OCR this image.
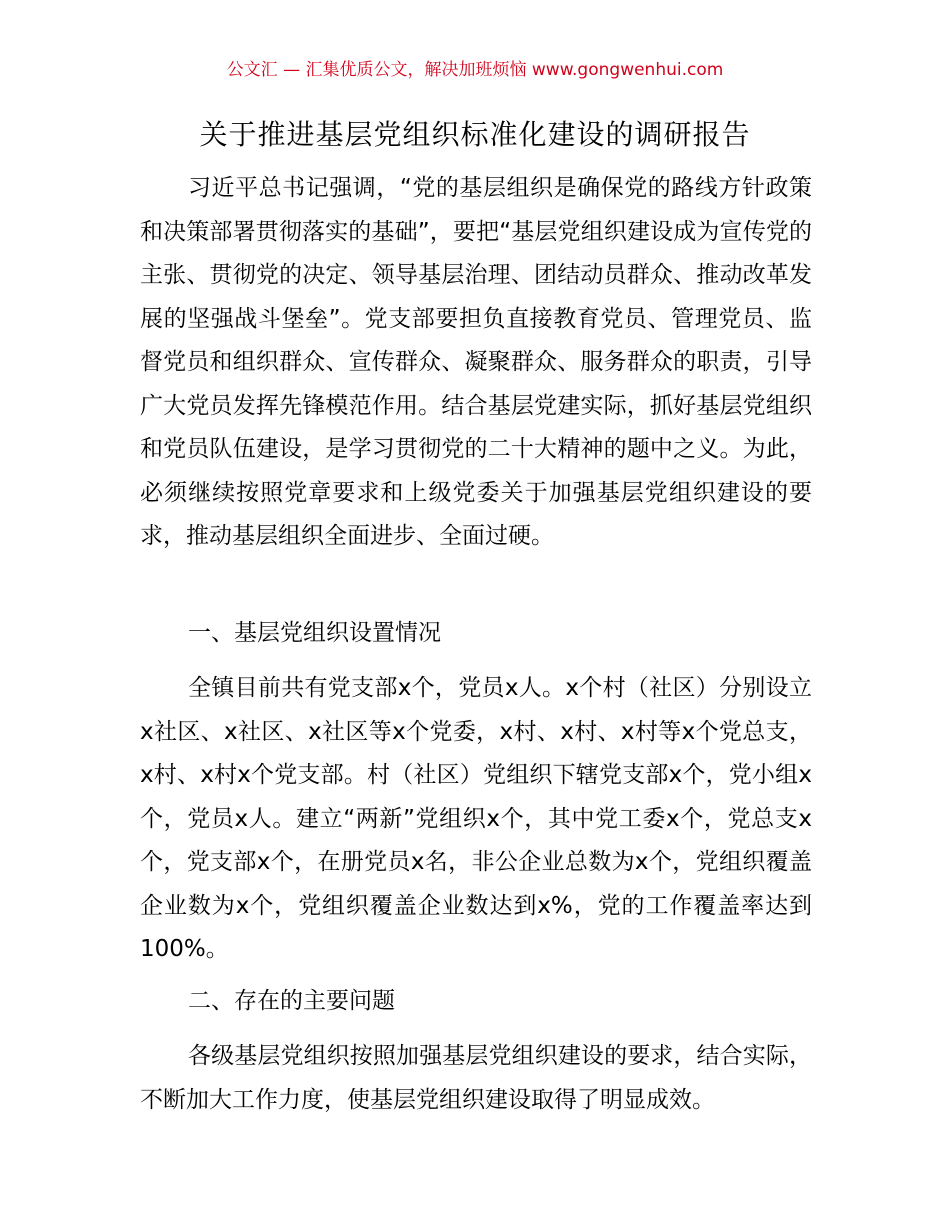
公文汇 — 汇集优质公文，解决加班烦恼 www.gongwenhui.com
关于推进基层党组织标准化建设的调研报告

习近平总书记强调，“党的基层组织是确保党的路线方针政策和决策部署贯彻落实的基础”，要把“基层党组织建设成为宣传党的主张、贯彻党的决定、领导基层治理、团结动员群众、推动改革发展的坚强战斗堡垒”。党支部要担负直接教育党员、管理党员、监督党员和组织群众、宣传群众、凝聚群众、服务群众的职责，引导广大党员发挥先锋模范作用。结合基层党建实际，抓好基层党组织和党员队伍建设，是学习贯彻党的二十大精神的题中之义。为此，必须继续按照党章要求和上级党委关于加强基层党组织建设的要求，推动基层组织全面进步、全面过硬。

一、基层党组织设置情况

全镇目前共有党支部x个，党员x人。x个村（社区）分别设立x社区、x社区、x社区等x个党委，x村、x村、x村等x个党总支，x村、x村x个党支部。村（社区）党组织下辖党支部x个，党小组x个，党员x人。建立“两新”党组织x个，其中党工委x个，党总支x个，党支部x个，在册党员x名，非公企业总数为x个，党组织覆盖企业数为x个，党组织覆盖企业数达到x%，党的工作覆盖率达到100%。

二、存在的主要问题

各级基层党组织按照加强基层党组织建设的要求，结合实际，不断加大工作力度，使基层党组织建设取得了明显成效。
